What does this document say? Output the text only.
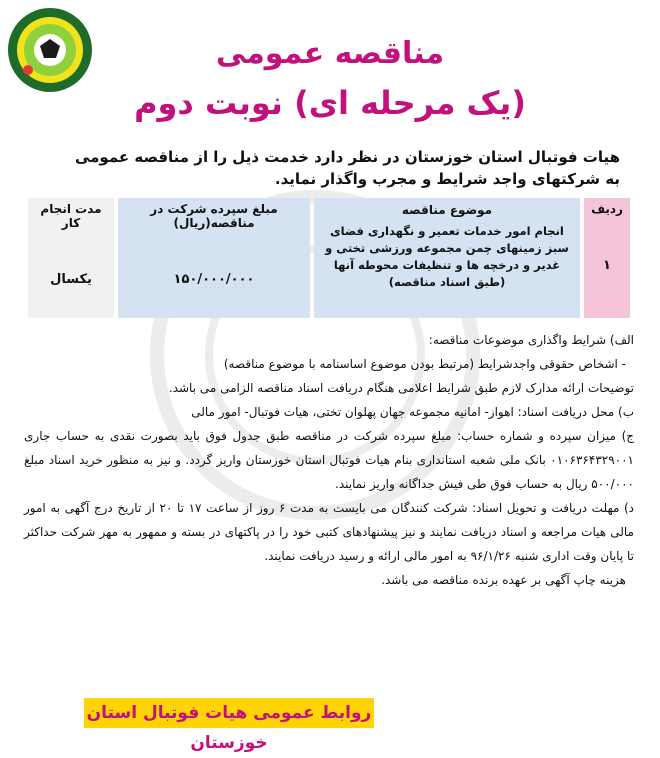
مناقصه عمومی
(یک مرحله ای) نوبت دوم
هیات فوتبال استان خوزستان در نظر دارد خدمت ذیل را از مناقصه عمومی
به شرکتهای واجد شرایط و مجرب واگذار نماید.
ردیف
۱
موضوع مناقصه
انجام امور خدمات تعمیر و نگهداری فضای سبز زمینهای چمن مجموعه ورزشی تختی و غدیر و درخچه ها و تنظیفات محوطه آنها (طبق اسناد مناقصه)
مبلغ سپرده شرکت در مناقصه(ریال)
۱۵۰/۰۰۰/۰۰۰
مدت انجام کار
یکسال

الف) شرایط واگذاری موضوعات مناقصه:

- اشخاص حقوقی واجدشرایط (مرتبط بودن موضوع اساسنامه با موضوع مناقصه)

توضیحات ارائه مدارک لازم طبق شرایط اعلامی هنگام دریافت اسناد مناقصه الزامی می باشد.

ب) محل دریافت اسناد: اهواز- امانیه مجموعه جهان پهلوان تختی، هیات فوتبال- امور مالی

ج) میزان سپرده و شماره حساب: مبلغ سپرده شرکت در مناقصه طبق جدول فوق باید بصورت نقدی به حساب جاری ۰۱۰۶۳۶۴۳۲۹۰۰۱ بانک ملی شعبه استانداری بنام هیات فوتبال استان خوزستان واریز گردد. و نیز به منظور خرید اسناد مبلغ ۵۰۰/۰۰۰ ریال به حساب فوق طی فیش جداگانه واریز نمایند.

د) مهلت دریافت و تحویل اسناد: شرکت کنندگان می بایست به مدت ۶ روز از ساعت ۱۷ تا ۲۰ از تاریخ درج آگهی به امور مالی هیات مراجعه و اسناد دریافت نمایند و نیز پیشنهادهای کتبی خود را در پاکتهای در بسته و ممهور به مهر شرکت حداکثر تا پایان وقت اداری شنبه ۹۶/۱/۲۶ به امور مالی ارائه و رسید دریافت نمایند.

هزینه چاپ آگهی بر عهده برنده مناقصه می باشد.

روابط عمومی هیات فوتبال استان خوزستان
